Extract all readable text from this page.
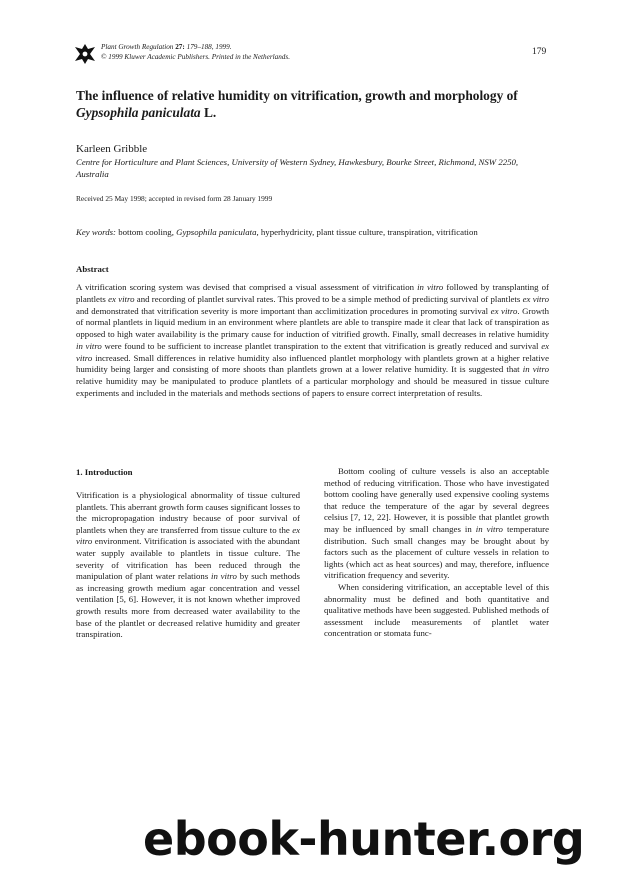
Plant Growth Regulation 27: 179–188, 1999.
© 1999 Kluwer Academic Publishers. Printed in the Netherlands.	179
The influence of relative humidity on vitrification, growth and morphology of Gypsophila paniculata L.
Karleen Gribble
Centre for Horticulture and Plant Sciences, University of Western Sydney, Hawkesbury, Bourke Street, Richmond, NSW 2250, Australia
Received 25 May 1998; accepted in revised form 28 January 1999
Key words: bottom cooling, Gypsophila paniculata, hyperhydricity, plant tissue culture, transpiration, vitrification
Abstract
A vitrification scoring system was devised that comprised a visual assessment of vitrification in vitro followed by transplanting of plantlets ex vitro and recording of plantlet survival rates. This proved to be a simple method of predicting survival of plantlets ex vitro and demonstrated that vitrification severity is more important than acclimitization procedures in promoting survival ex vitro. Growth of normal plantlets in liquid medium in an environment where plantlets are able to transpire made it clear that lack of transpiration as opposed to high water availability is the primary cause for induction of vitrified growth. Finally, small decreases in relative humidity in vitro were found to be sufficient to increase plantlet transpiration to the extent that vitrification is greatly reduced and survival ex vitro increased. Small differences in relative humidity also influenced plantlet morphology with plantlets grown at a higher relative humidity being larger and consisting of more shoots than plantlets grown at a lower relative humidity. It is suggested that in vitro relative humidity may be manipulated to produce plantlets of a particular morphology and should be measured in tissue culture experiments and included in the materials and methods sections of papers to ensure correct interpretation of results.
1. Introduction

Vitrification is a physiological abnormality of tissue cultured plantlets. This aberrant growth form causes significant losses to the micropropagation industry because of poor survival of plantlets when they are transferred from tissue culture to the ex vitro environment. Vitrification is associated with the abundant water supply available to plantlets in tissue culture. The severity of vitrification has been reduced through the manipulation of plant water relations in vitro by such methods as increasing growth medium agar concentration and vessel ventilation [5, 6]. However, it is not known whether improved growth results more from decreased water availability to the base of the plantlet or decreased relative humidity and greater transpiration.

Bottom cooling of culture vessels is also an acceptable method of reducing vitrification. Those who have investigated bottom cooling have generally used expensive cooling systems that reduce the temperature of the agar by several degrees celsius [7, 12, 22]. However, it is possible that plantlet growth may be influenced by small changes in in vitro temperature distribution. Such small changes may be brought about by factors such as the placement of culture vessels in relation to lights (which act as heat sources) and may, therefore, influence vitrification frequency and severity.

When considering vitrification, an acceptable level of this abnormality must be defined and both quantitative and qualitative methods have been suggested. Published methods of assessment include measurements of plantlet water concentration or stomata func-

ebook-hunter.org
